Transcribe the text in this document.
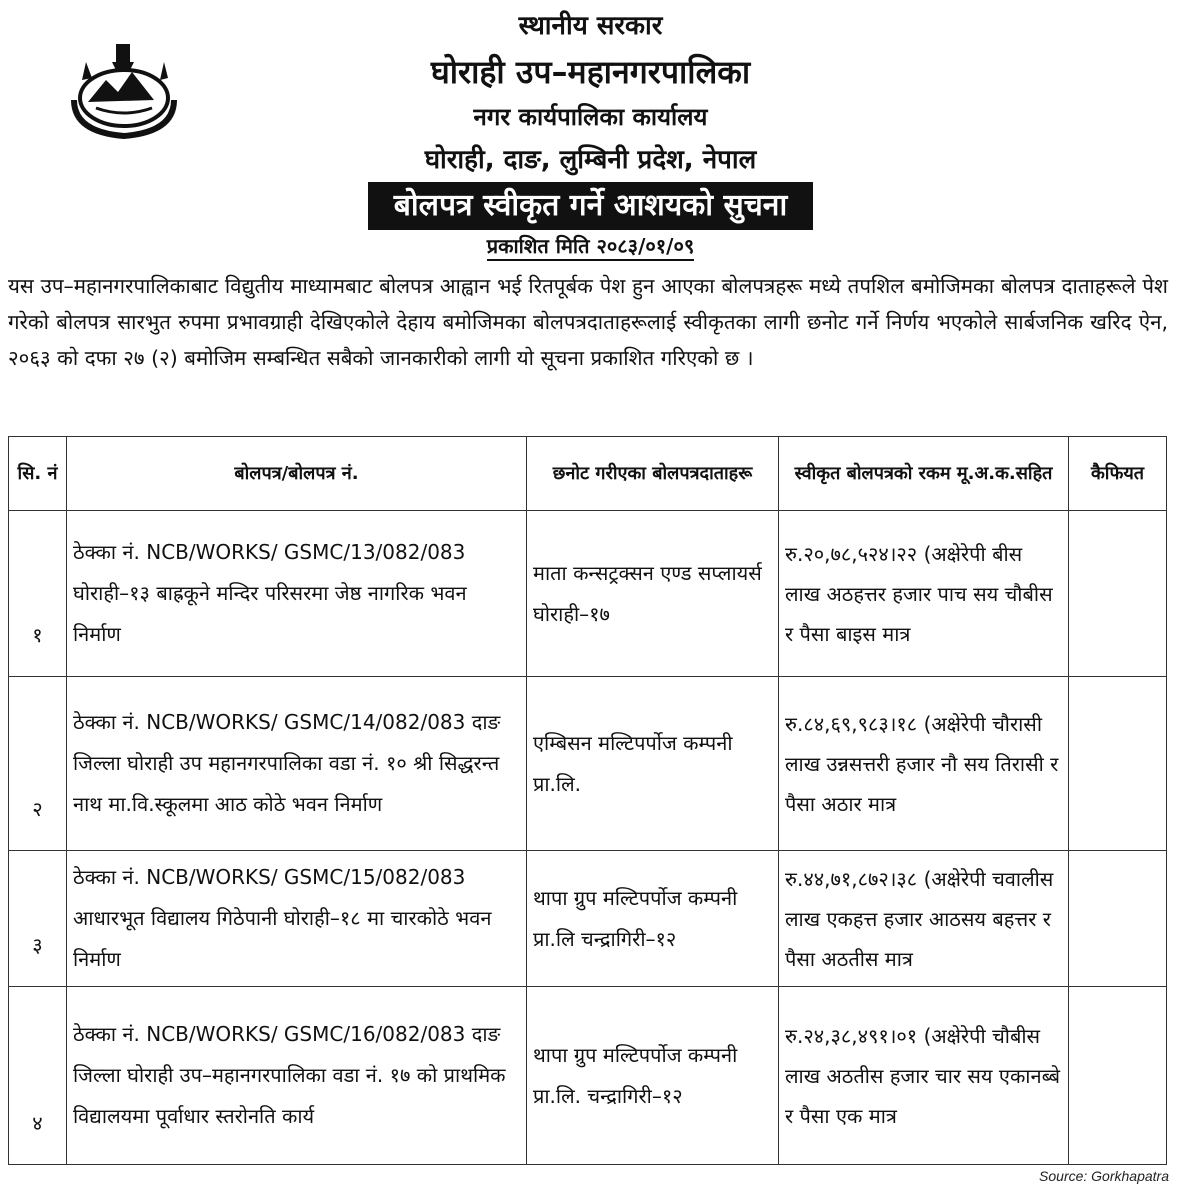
स्थानीय सरकार
घोराही उप–महानगरपालिका
नगर कार्यपालिका कार्यालय
घोराही, दाङ, लुम्बिनी प्रदेश, नेपाल
बोलपत्र स्वीकृत गर्ने आशयको सुचना
प्रकाशित मिति २०८३/०१/०९
यस उप–महानगरपालिकाबाट विद्युतीय माध्यामबाट बोलपत्र आह्वान भई रितपूर्बक पेश हुन आएका बोलपत्रहरू मध्ये तपशिल बमोजिमका बोलपत्र दाताहरूले पेश गरेको बोलपत्र सारभुत रुपमा प्रभावग्राही देखिएकोले देहाय बमोजिमका बोलपत्रदाताहरूलाई स्वीकृतका लागी छनोट गर्ने निर्णय भएकोले सार्बजनिक खरिद ऐन, २०६३ को दफा २७ (२) बमोजिम सम्बन्धित सबैको जानकारीको लागी यो सूचना प्रकाशित गरिएको छ ।
सि. नं	बोलपत्र/बोलपत्र नं.	छनोट गरीएका बोलपत्रदाताहरू	स्वीकृत बोलपत्रको रकम मू.अ.क.सहित	कैफियत
१	ठेक्का नं. NCB/WORKS/ GSMC/13/082/083 घोराही–१३ बाह्रकूने मन्दिर परिसरमा जेष्ठ नागरिक भवन निर्माण	माता कन्सट्रक्सन एण्ड सप्लायर्स घोराही–१७	रु.२०,७८,५२४।२२ (अक्षेरेपी बीस लाख अठहत्तर हजार पाच सय चौबीस र पैसा बाइस मात्र	
२	ठेक्का नं. NCB/WORKS/ GSMC/14/082/083 दाङ जिल्ला घोराही उप महानगरपालिका वडा नं. १० श्री सिद्धरन्त नाथ मा.वि.स्कूलमा आठ कोठे भवन निर्माण	एम्बिसन मल्टिपर्पोज कम्पनी प्रा.लि.	रु.८४,६९,९८३।१८ (अक्षेरेपी चौरासी लाख उन्नसत्तरी हजार नौ सय तिरासी र पैसा अठार मात्र	
३	ठेक्का नं. NCB/WORKS/ GSMC/15/082/083 आधारभूत विद्यालय गिठेपानी घोराही–१८ मा चारकोठे भवन निर्माण	थापा ग्रुप मल्टिपर्पोज कम्पनी प्रा.लि चन्द्रागिरी–१२	रु.४४,७१,८७२।३८ (अक्षेरेपी चवालीस लाख एकहत्त हजार आठसय बहत्तर र पैसा अठतीस मात्र	
४	ठेक्का नं. NCB/WORKS/ GSMC/16/082/083 दाङ जिल्ला घोराही उप–महानगरपालिका वडा नं. १७ को प्राथमिक विद्यालयमा पूर्वाधार स्तरोनति कार्य	थापा ग्रुप मल्टिपर्पोज कम्पनी प्रा.लि. चन्द्रागिरी–१२	रु.२४,३८,४९१।०१ (अक्षेरेपी चौबीस लाख अठतीस हजार चार सय एकानब्बे र पैसा एक मात्र	
Source: Gorkhapatra
